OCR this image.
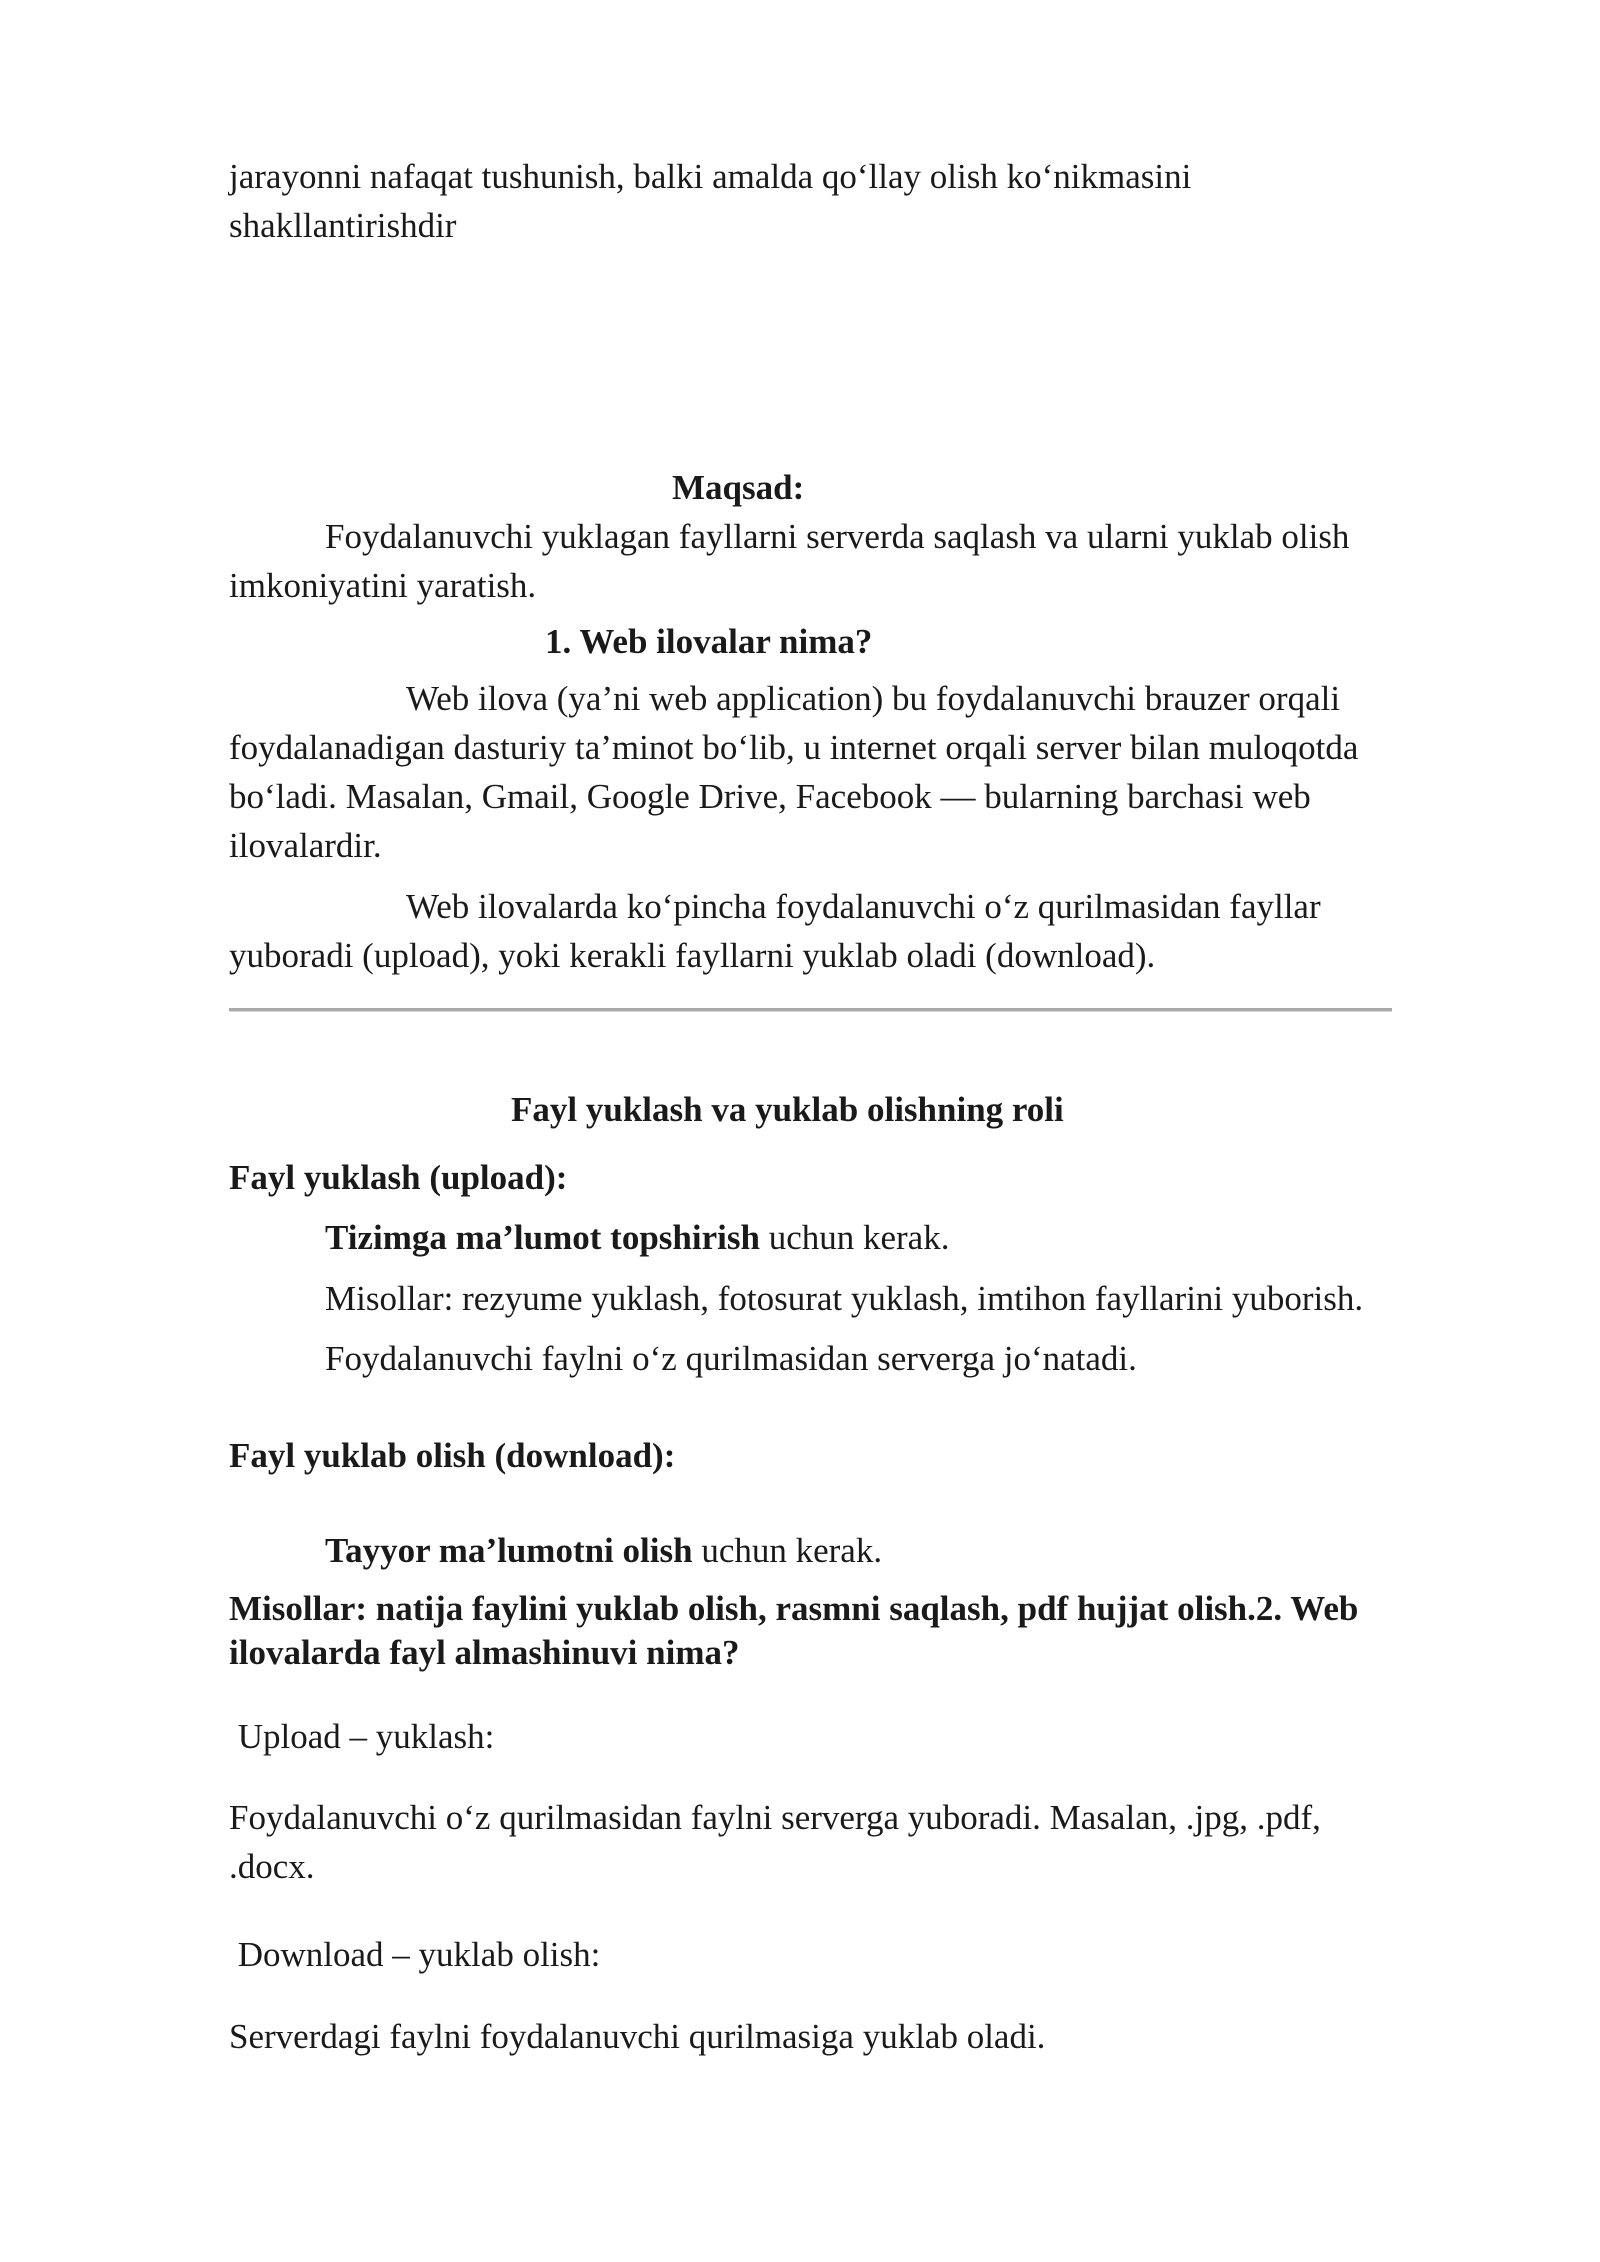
jarayonni nafaqat tushunish, balki amalda qo‘llay olish ko‘nikmasini

shakllantirishdir

Maqsad:

Foydalanuvchi yuklagan fayllarni serverda saqlash va ularni yuklab olish

imkoniyatini yaratish.

1. Web ilovalar nima?

Web ilova (ya’ni web application) bu foydalanuvchi brauzer orqali

foydalanadigan dasturiy ta’minot bo‘lib, u internet orqali server bilan muloqotda

bo‘ladi. Masalan, Gmail, Google Drive, Facebook — bularning barchasi web

ilovalardir.

Web ilovalarda ko‘pincha foydalanuvchi o‘z qurilmasidan fayllar

yuboradi (upload), yoki kerakli fayllarni yuklab oladi (download).

Fayl yuklash va yuklab olishning roli

Fayl yuklash (upload):

Tizimga ma’lumot topshirish uchun kerak.

Misollar: rezyume yuklash, fotosurat yuklash, imtihon fayllarini yuborish.

Foydalanuvchi faylni o‘z qurilmasidan serverga jo‘natadi.

Fayl yuklab olish (download):

Tayyor ma’lumotni olish uchun kerak.

Misollar: natija faylini yuklab olish, rasmni saqlash, pdf hujjat olish.2. Web

ilovalarda fayl almashinuvi nima?

Upload – yuklash:

Foydalanuvchi o‘z qurilmasidan faylni serverga yuboradi. Masalan, .jpg, .pdf,

.docx.

Download – yuklab olish:

Serverdagi faylni foydalanuvchi qurilmasiga yuklab oladi.
